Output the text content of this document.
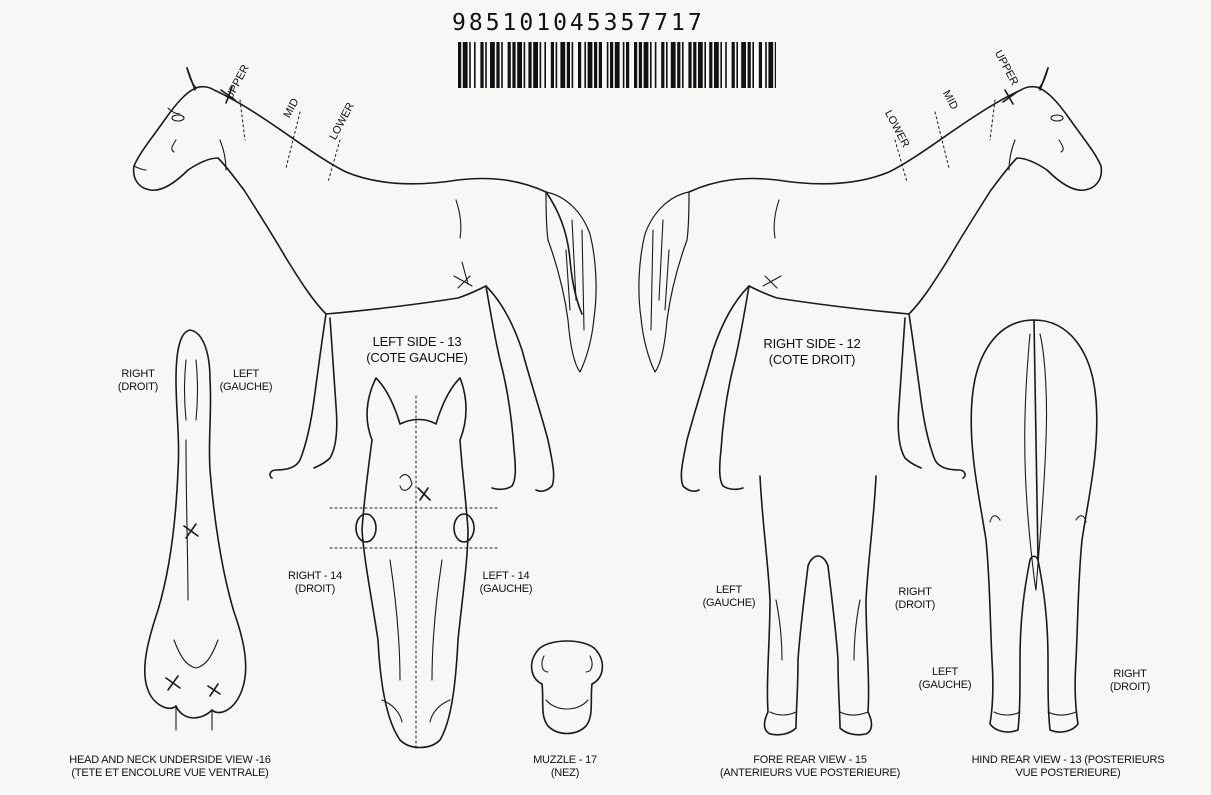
985101045357717
UPPER
MID LOWER
UPPER
MID
LOWER
LEFT SIDE - 13
(COTE GAUCHE)
RIGHT SIDE - 12
(COTE DROIT)
RIGHT
(DROIT)
LEFT
(GAUCHE)
HEAD AND NECK UNDERSIDE VIEW -16
(TETE ET ENCOLURE VUE VENTRALE)
RIGHT - 14
(DROIT)
LEFT - 14
(GAUCHE)
MUZZLE - 17
(NEZ)
LEFT
(GAUCHE)
RIGHT
(DROIT)
FORE REAR VIEW - 15
(ANTERIEURS VUE POSTERIEURE)
LEFT
(GAUCHE)
RIGHT
(DROIT)
HIND REAR VIEW - 13 (POSTERIEURS
VUE POSTERIEURE)
